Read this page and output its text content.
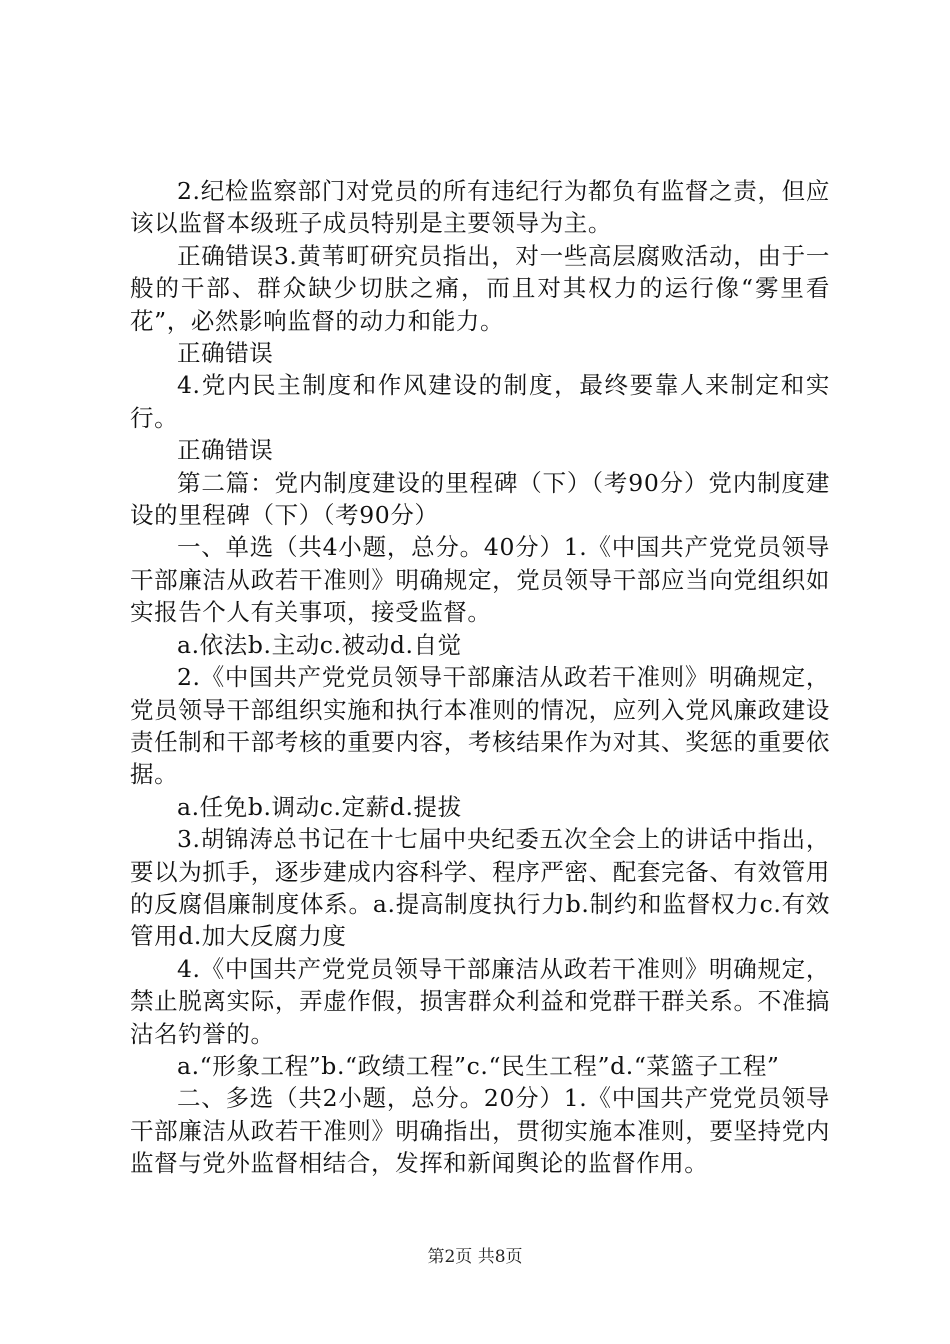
2.纪检监察部门对党员的所有违纪行为都负有监督之责，但应该以监督本级班子成员特别是主要领导为主。

正确错误3.黄苇町研究员指出，对一些高层腐败活动，由于一般的干部、群众缺少切肤之痛，而且对其权力的运行像“雾里看花”，必然影响监督的动力和能力。

正确错误

4.党内民主制度和作风建设的制度，最终要靠人来制定和实行。

正确错误

第二篇：党内制度建设的里程碑（下）（考90分）党内制度建设的里程碑（下）（考90分）

一、单选（共4小题，总分。40分）1.《中国共产党党员领导干部廉洁从政若干准则》明确规定，党员领导干部应当向党组织如实报告个人有关事项，接受监督。

a.依法b.主动c.被动d.自觉

2.《中国共产党党员领导干部廉洁从政若干准则》明确规定，党员领导干部组织实施和执行本准则的情况，应列入党风廉政建设责任制和干部考核的重要内容，考核结果作为对其、奖惩的重要依据。

a.任免b.调动c.定薪d.提拔

3.胡锦涛总书记在十七届中央纪委五次全会上的讲话中指出，要以为抓手，逐步建成内容科学、程序严密、配套完备、有效管用的反腐倡廉制度体系。a.提高制度执行力b.制约和监督权力c.有效管用d.加大反腐力度

4.《中国共产党党员领导干部廉洁从政若干准则》明确规定，禁止脱离实际，弄虚作假，损害群众利益和党群干群关系。不准搞沽名钓誉的。

a.“形象工程”b.“政绩工程”c.“民生工程”d.“菜篮子工程”

二、多选（共2小题，总分。20分）1.《中国共产党党员领导干部廉洁从政若干准则》明确指出，贯彻实施本准则，要坚持党内监督与党外监督相结合，发挥和新闻舆论的监督作用。

第2页 共8页
